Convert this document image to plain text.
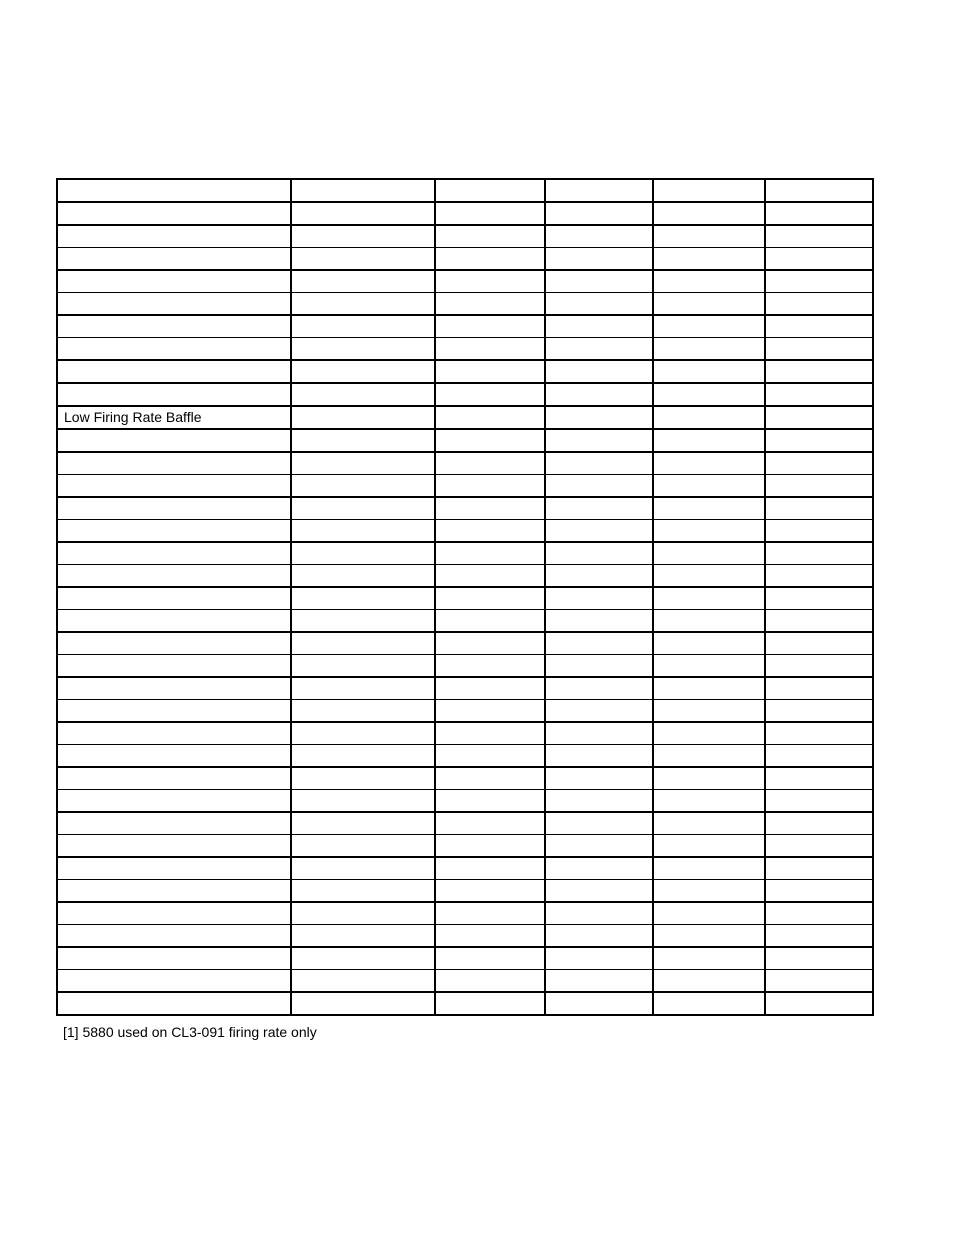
Low Firing Rate Baffle					

[1] 5880 used on CL3-091 firing rate only
